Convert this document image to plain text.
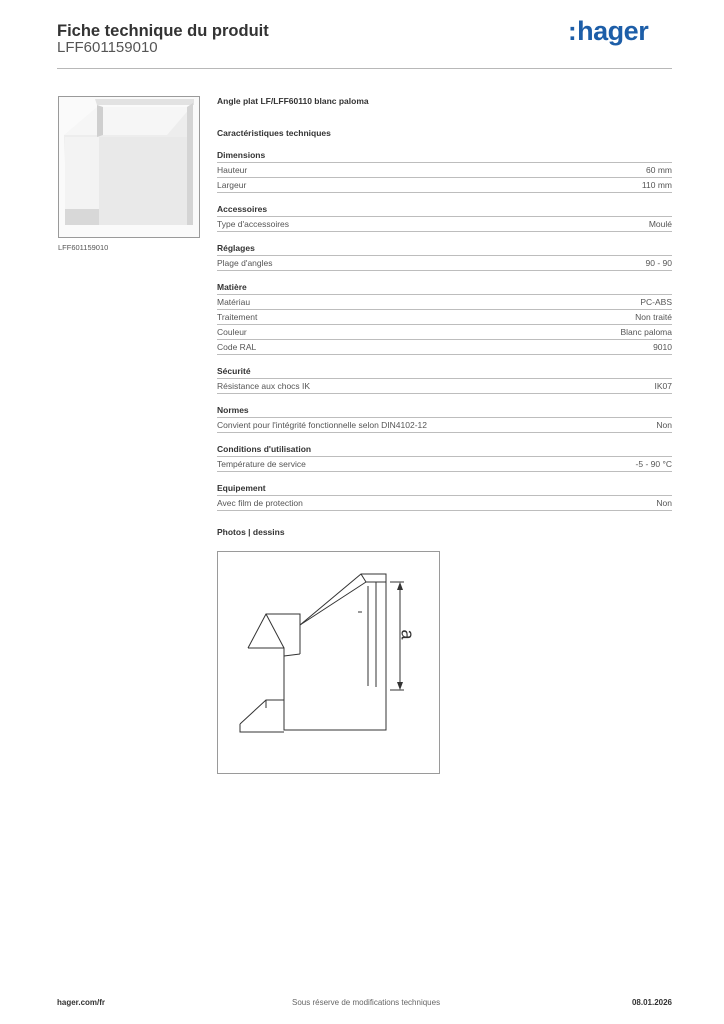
Fiche technique du produit
LFF601159010
:hager
LFF601159010
Angle plat LF/LFF60110 blanc paloma
Caractéristiques techniques
Dimensions
Hauteur	60 mm
Largeur	110 mm
Accessoires
Type d'accessoires	Moulé
Réglages
Plage d'angles	90 - 90
Matière
Matériau	PC-ABS
Traitement	Non traité
Couleur	Blanc paloma
Code RAL	9010
Sécurité
Résistance aux chocs IK	IK07
Normes
Convient pour l'intégrité fonctionnelle selon DIN4102-12	Non
Conditions d'utilisation
Température de service	-5 - 90 °C
Equipement
Avec film de protection	Non
Photos | dessins
a
hager.com/fr	Sous réserve de modifications techniques	08.01.2026
